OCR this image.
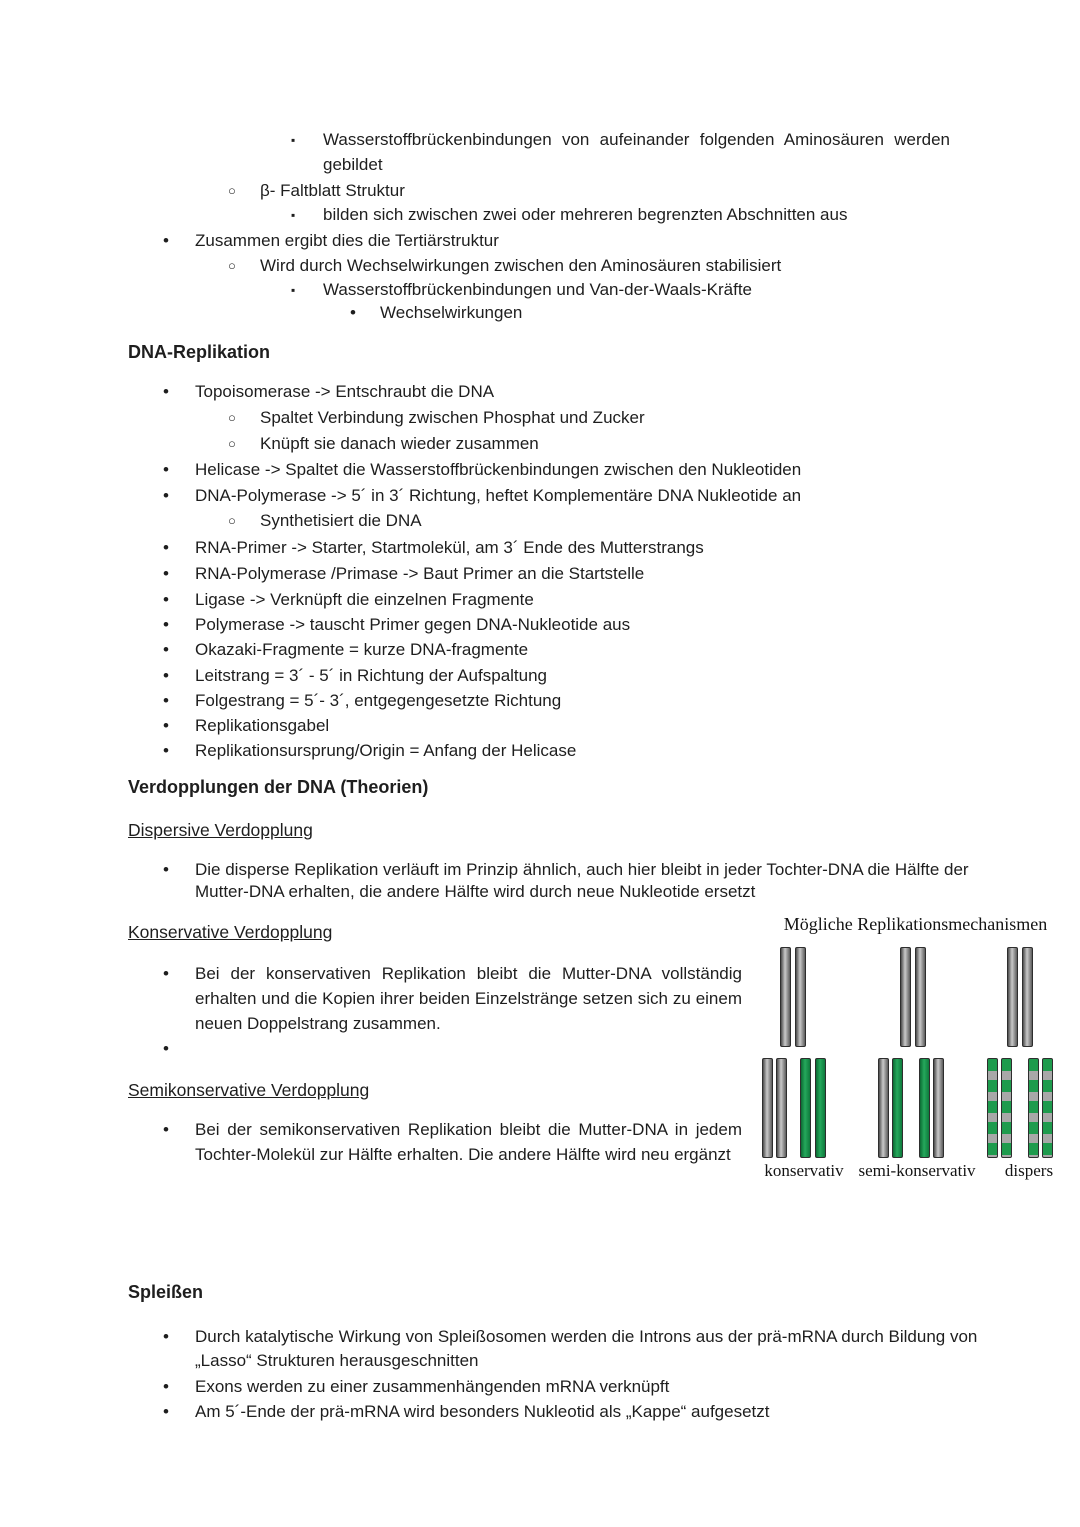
▪ Wasserstoffbrückenbindungen von aufeinander folgenden Aminosäuren werden
gebildet
○ β- Faltblatt Struktur
▪ bilden sich zwischen zwei oder mehreren begrenzten Abschnitten aus
• Zusammen ergibt dies die Tertiärstruktur
○ Wird durch Wechselwirkungen zwischen den Aminosäuren stabilisiert
▪ Wasserstoffbrückenbindungen und Van-der-Waals-Kräfte
• Wechselwirkungen
DNA-Replikation
• Topoisomerase -> Entschraubt die DNA
○ Spaltet Verbindung zwischen Phosphat und Zucker
○ Knüpft sie danach wieder zusammen
• Helicase -> Spaltet die Wasserstoffbrückenbindungen zwischen den Nukleotiden
• DNA-Polymerase -> 5´ in 3´ Richtung, heftet Komplementäre DNA Nukleotide an
○ Synthetisiert die DNA
• RNA-Primer -> Starter, Startmolekül, am 3´ Ende des Mutterstrangs
• RNA-Polymerase /Primase -> Baut Primer an die Startstelle
• Ligase -> Verknüpft die einzelnen Fragmente
• Polymerase -> tauscht Primer gegen DNA-Nukleotide aus
• Okazaki-Fragmente = kurze DNA-fragmente
• Leitstrang = 3´ - 5´ in Richtung der Aufspaltung
• Folgestrang = 5´- 3´, entgegengesetzte Richtung
• Replikationsgabel
• Replikationsursprung/Origin = Anfang der Helicase
Verdopplungen der DNA (Theorien)
Dispersive Verdopplung
• Die disperse Replikation verläuft im Prinzip ähnlich, auch hier bleibt in jeder Tochter-DNA die Hälfte der
Mutter-DNA erhalten, die andere Hälfte wird durch neue Nukleotide ersetzt
Konservative Verdopplung
• Bei der konservativen Replikation bleibt die Mutter-DNA vollständig
erhalten und die Kopien ihrer beiden Einzelstränge setzen sich zu einem
neuen Doppelstrang zusammen.
•
Semikonservative Verdopplung
• Bei der semikonservativen Replikation bleibt die Mutter-DNA in jedem
Tochter-Molekül zur Hälfte erhalten. Die andere Hälfte wird neu ergänzt
Mögliche Replikationsmechanismen
konservativ semi-konservativ	dispers
Spleißen
• Durch katalytische Wirkung von Spleißosomen werden die Introns aus der prä-mRNA durch Bildung von
„Lasso“ Strukturen herausgeschnitten
• Exons werden zu einer zusammenhängenden mRNA verknüpft
• Am 5´-Ende der prä-mRNA wird besonders Nukleotid als „Kappe“ aufgesetzt
